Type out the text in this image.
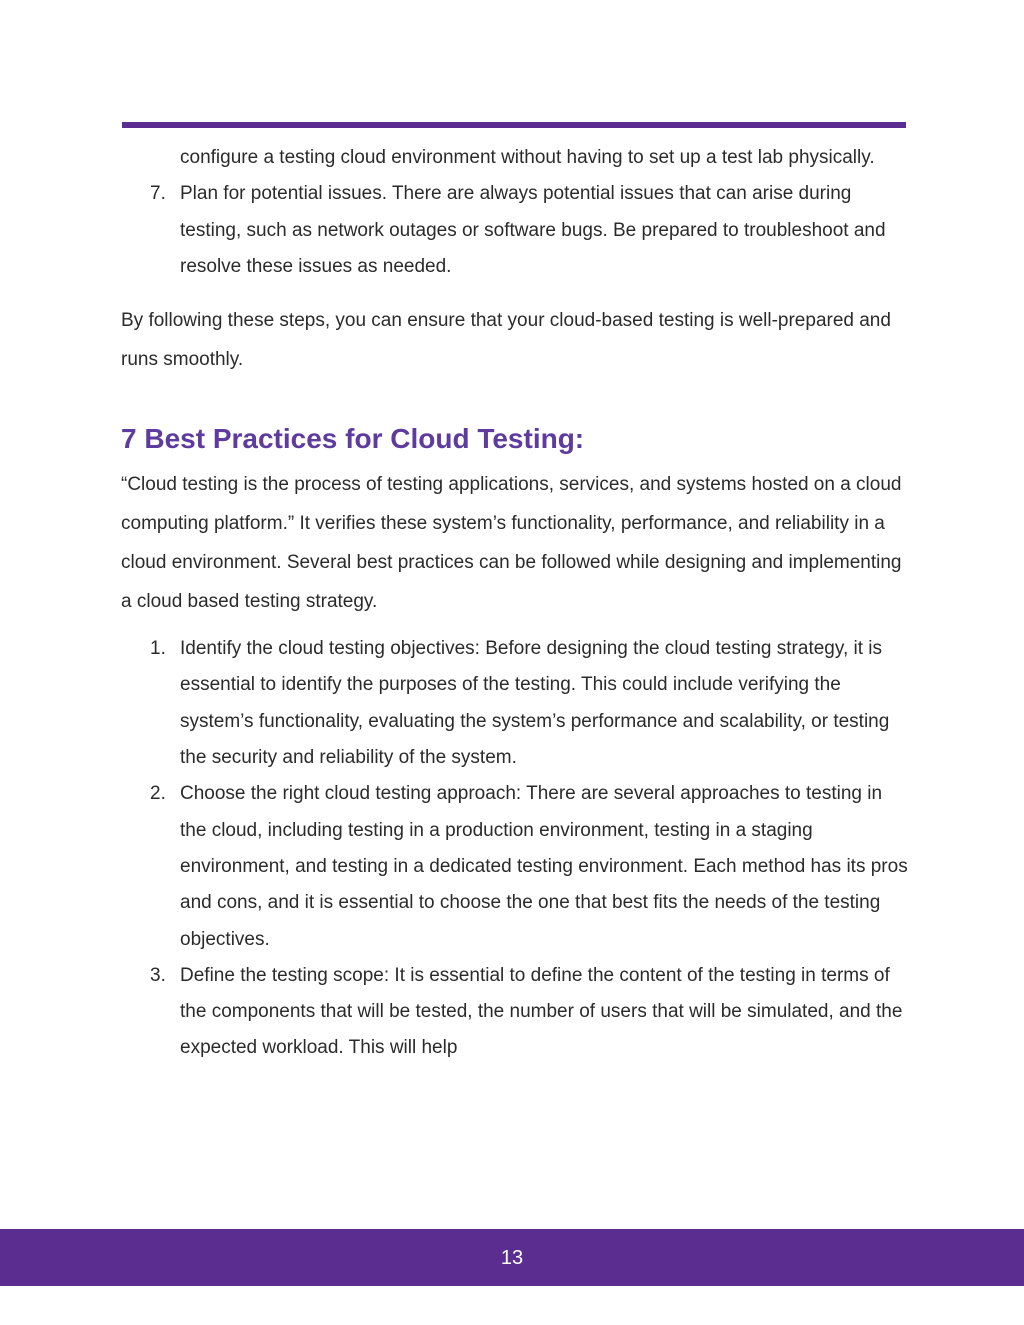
configure a testing cloud environment without having to set up a test lab physically.
7. Plan for potential issues. There are always potential issues that can arise during testing, such as network outages or software bugs. Be prepared to troubleshoot and resolve these issues as needed.

By following these steps, you can ensure that your cloud-based testing is well-prepared and runs smoothly.

7 Best Practices for Cloud Testing:

“Cloud testing is the process of testing applications, services, and systems hosted on a cloud computing platform.” It verifies these system’s functionality, performance, and reliability in a cloud environment. Several best practices can be followed while designing and implementing a cloud based testing strategy.

1. Identify the cloud testing objectives: Before designing the cloud testing strategy, it is essential to identify the purposes of the testing. This could include verifying the system’s functionality, evaluating the system’s performance and scalability, or testing the security and reliability of the system.
2. Choose the right cloud testing approach: There are several approaches to testing in the cloud, including testing in a production environment, testing in a staging environment, and testing in a dedicated testing environment. Each method has its pros and cons, and it is essential to choose the one that best fits the needs of the testing objectives.
3. Define the testing scope: It is essential to define the content of the testing in terms of the components that will be tested, the number of users that will be simulated, and the expected workload. This will help
13
